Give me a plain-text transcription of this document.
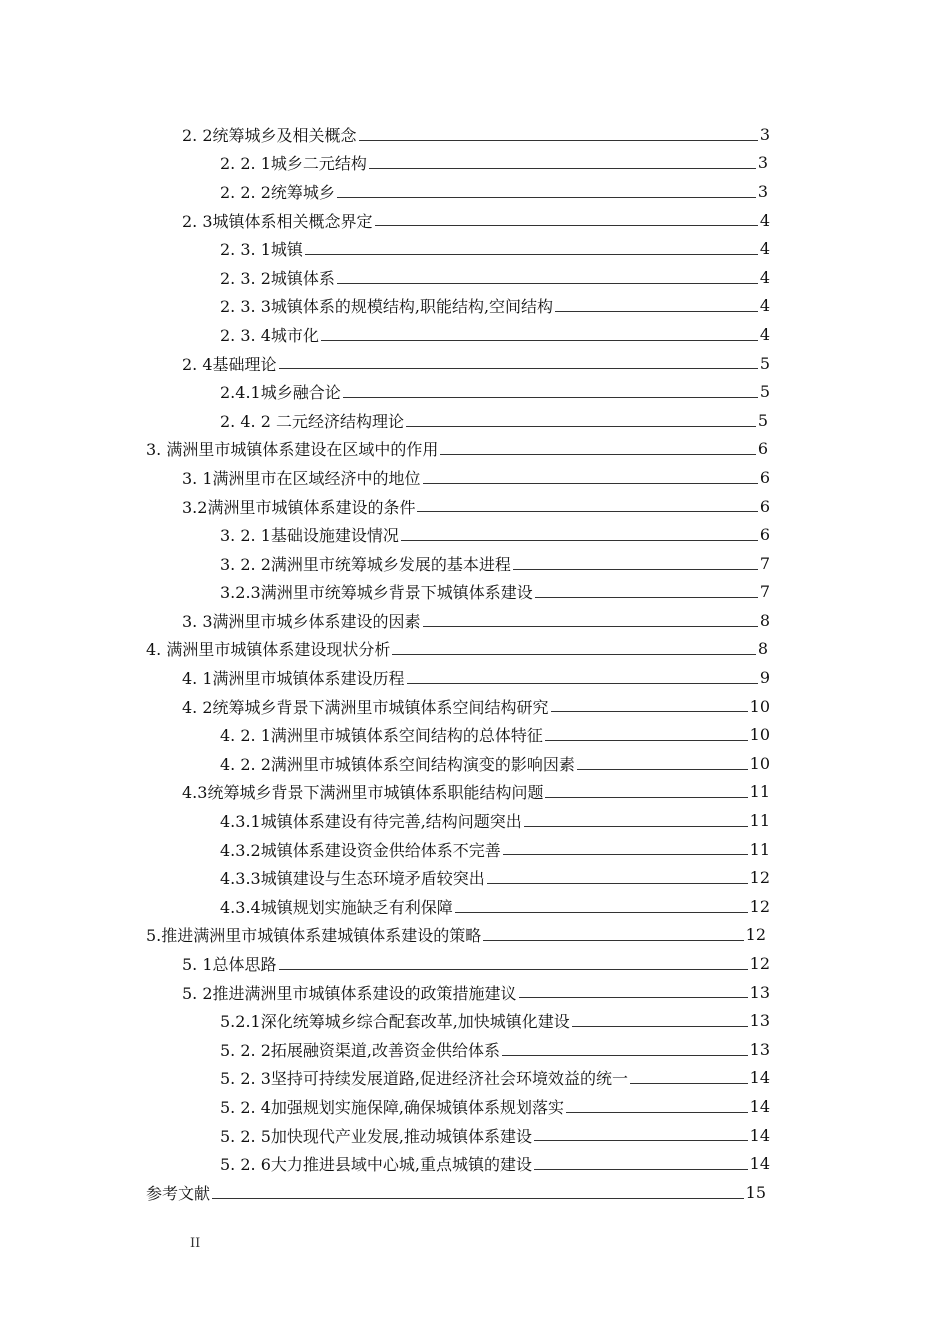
2. 2统筹城乡及相关概念	3
2. 2. 1城乡二元结构	3
2. 2. 2统筹城乡	3
2. 3城镇体系相关概念界定	4
2. 3. 1城镇	4
2. 3. 2城镇体系	4
2. 3. 3城镇体系的规模结构,职能结构,空间结构	4
2. 3. 4城市化	4
2. 4基础理论	5
2.4.1城乡融合论	5
2. 4. 2 二元经济结构理论	5
3. 满洲里市城镇体系建设在区域中的作用	6
3. 1满洲里市在区域经济中的地位	6
3.2满洲里市城镇体系建设的条件	6
3. 2. 1基础设施建设情况	6
3. 2. 2满洲里市统筹城乡发展的基本进程	7
3.2.3满洲里市统筹城乡背景下城镇体系建设	7
3. 3满洲里市城乡体系建设的因素	8
4. 满洲里市城镇体系建设现状分析	8
4. 1满洲里市城镇体系建设历程	9
4. 2统筹城乡背景下满洲里市城镇体系空间结构研究	10
4. 2. 1满洲里市城镇体系空间结构的总体特征	10
4. 2. 2满洲里市城镇体系空间结构演变的影响因素	10
4.3统筹城乡背景下满洲里市城镇体系职能结构问题	11
4.3.1城镇体系建设有待完善,结构问题突出	11
4.3.2城镇体系建设资金供给体系不完善	11
4.3.3城镇建设与生态环境矛盾较突出	12
4.3.4城镇规划实施缺乏有利保障	12
5.推进满洲里市城镇体系建城镇体系建设的策略	12
5. 1总体思路	12
5. 2推进满洲里市城镇体系建设的政策措施建议	13
5.2.1深化统筹城乡综合配套改革,加快城镇化建设	13
5. 2. 2拓展融资渠道,改善资金供给体系	13
5. 2. 3坚持可持续发展道路,促进经济社会环境效益的统一	14
5. 2. 4加强规划实施保障,确保城镇体系规划落实	14
5. 2. 5加快现代产业发展,推动城镇体系建设	14
5. 2. 6大力推进县域中心城,重点城镇的建设	14
参考文献	15
II
